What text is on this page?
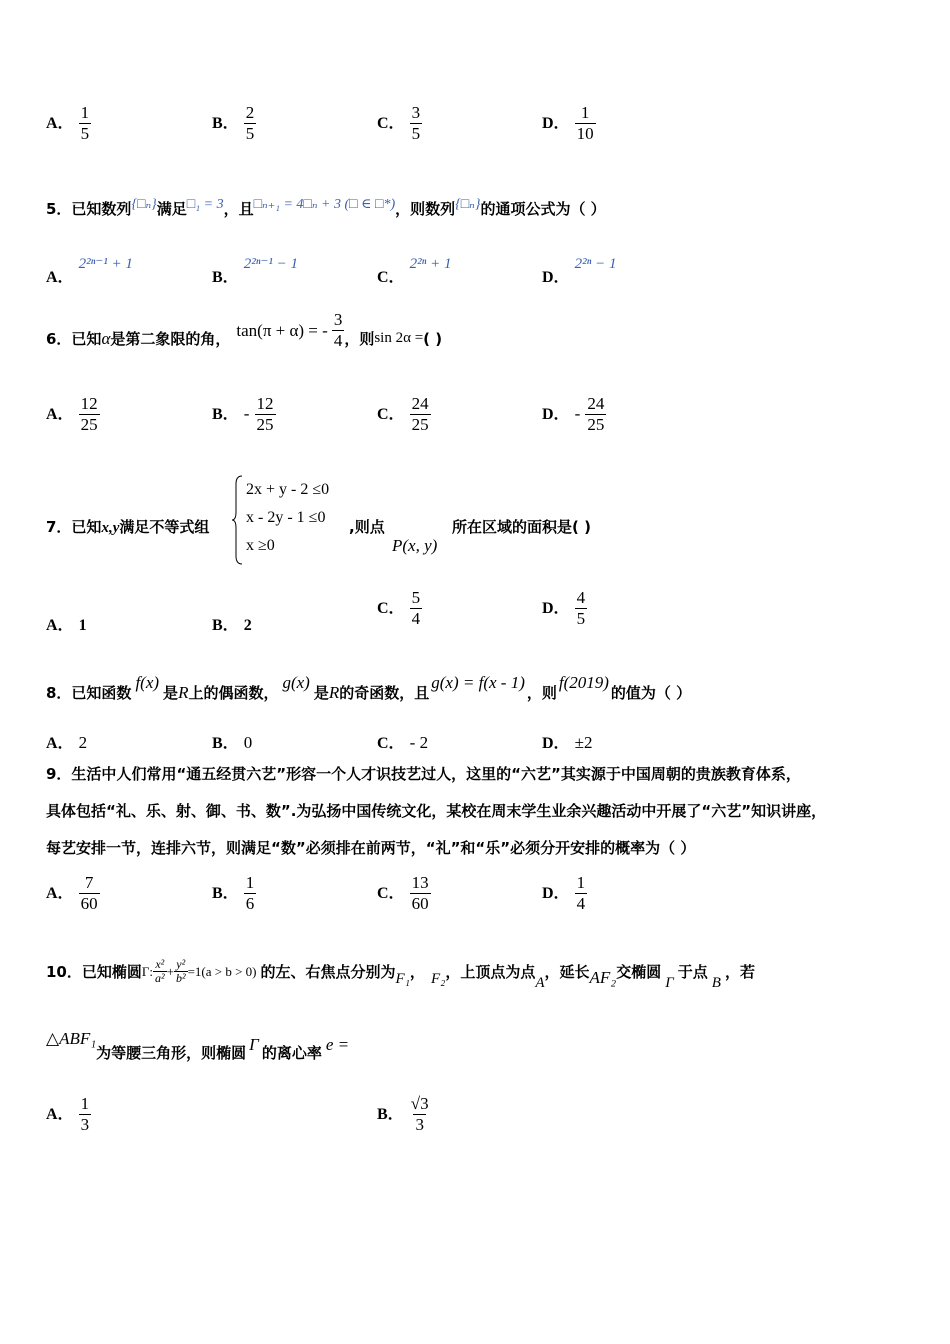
A． $\frac{1}{5}$	B． $\frac{2}{5}$	C． $\frac{3}{5}$	D． $\frac{1}{10}$
5．已知数列{□ₙ}满足□₁ = 3，且□ₙ₊₁ = 4□ₙ + 3 (□ ∈ □*)，则数列{□ₙ}的通项公式为（ ）
A． 2²ⁿ⁻¹ + 1
B． 2²ⁿ⁻¹ − 1
C． 2²ⁿ + 1
D． 2²ⁿ − 1
6．已知 α 是第二象限的角， tan(π + α) = - $\frac{3}{4}$ ，则 sin 2α = ( )
A． $\frac{12}{25}$	B． - $\frac{12}{25}$	C． $\frac{24}{25}$	D． - $\frac{24}{25}$
7．已知x,y满足不等式组
2x + y - 2 ≤0
x - 2y - 1 ≤0
x ≥0
,则点
P(x, y)
所在区域的面积是( )
A． 1	B． 2
C． $\frac{5}{4}$	D． $\frac{4}{5}$
8．已知函数f(x)是R上的偶函数，g(x)是R的奇函数，且g(x) = f(x - 1)，则f(2019)的值为（ ）
A． 2	B． 0	C． - 2	D． ±2
9．生活中人们常用“通五经贯六艺”形容一个人才识技艺过人，这里的“六艺”其实源于中国周朝的贵族教育体系，
具体包括“礼、乐、射、御、书、数”.为弘扬中国传统文化，某校在周末学生业余兴趣活动中开展了“六艺”知识讲座，
每艺安排一节，连排六节，则满足“数”必须排在前两节，“礼”和“乐”必须分开安排的概率为（ ）
A． $\frac{7}{60}$	B． $\frac{1}{6}$	C． $\frac{13}{60}$	D． $\frac{1}{4}$
10．已知椭圆 Γ: $\frac{\text{x²}}{\text{a²}} + \frac{\text{y²}}{\text{b²}} =1(a > b > 0)$ 的左、右焦点分别为 F₁ ， F₂ ，上顶点为点
A
，延长 AF₂ 交椭圆
Γ
于点
B
，若
△ABF₁
为等腰三角形，则椭圆 Γ 的离心率 e =
A． $\frac{1}{3}$	B． $\frac{√3}{3}$
